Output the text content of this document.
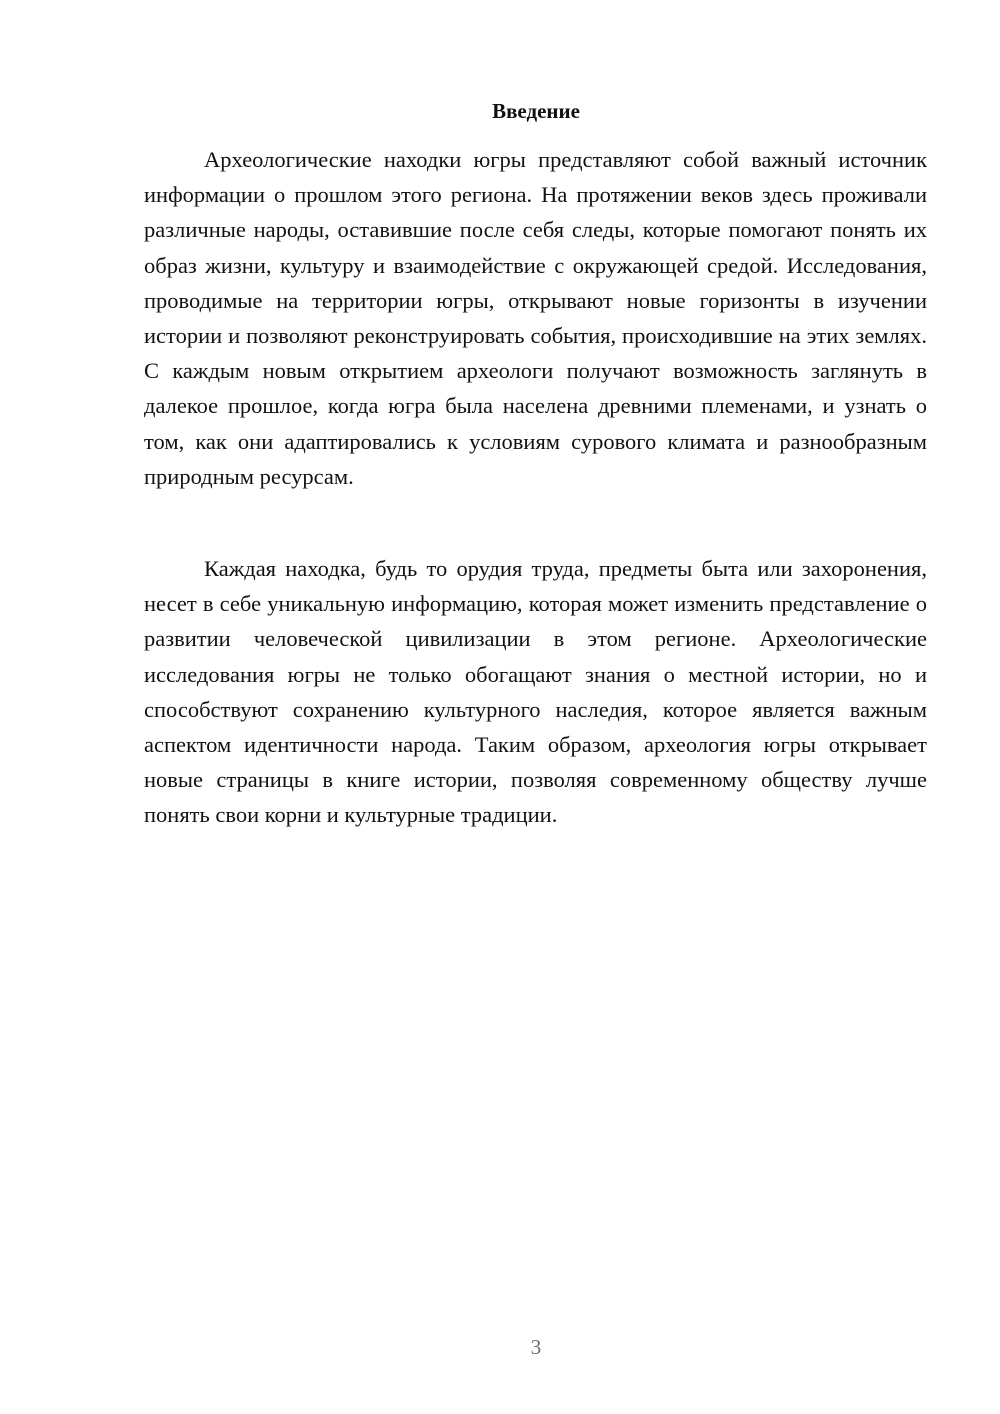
Введение

Археологические находки югры представляют собой важный источник информации о прошлом этого региона. На протяжении веков здесь проживали различные народы, оставившие после себя следы, которые помогают понять их образ жизни, культуру и взаимодействие с окружающей средой. Исследования, проводимые на территории югры, открывают новые горизонты в изучении истории и позволяют реконструировать события, происходившие на этих землях. С каждым новым открытием археологи получают возможность заглянуть в далекое прошлое, когда югра была населена древними племенами, и узнать о том, как они адаптировались к условиям сурового климата и разнообразным природным ресурсам.

Каждая находка, будь то орудия труда, предметы быта или захоронения, несет в себе уникальную информацию, которая может изменить представление о развитии человеческой цивилизации в этом регионе. Археологические исследования югры не только обогащают знания о местной истории, но и способствуют сохранению культурного наследия, которое является важным аспектом идентичности народа. Таким образом, археология югры открывает новые страницы в книге истории, позволяя современному обществу лучше понять свои корни и культурные традиции.

3
